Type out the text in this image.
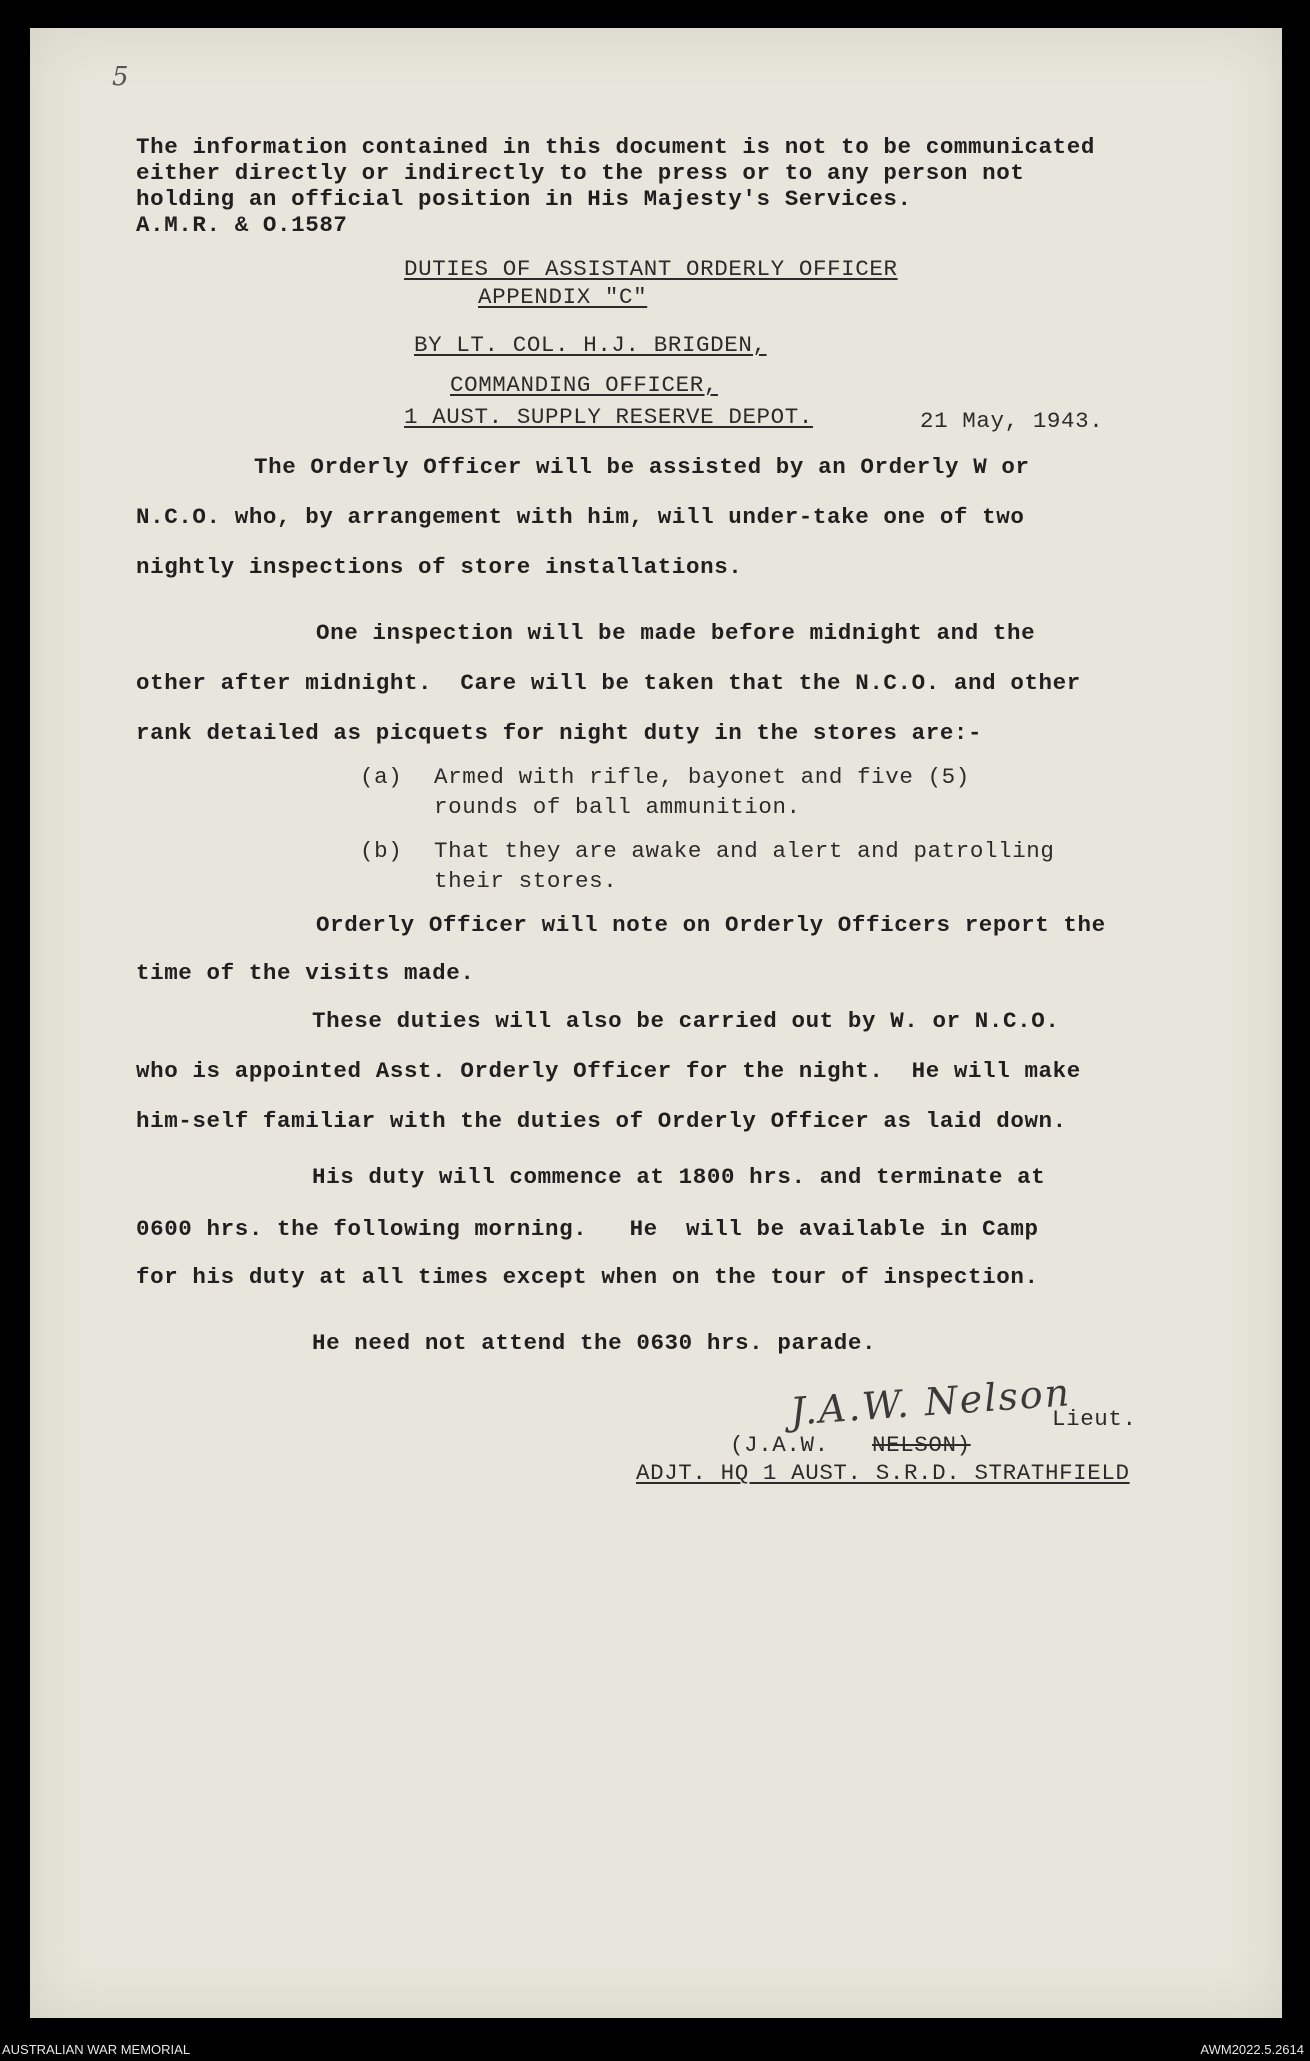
5
The information contained in this document is not to be communicated
either directly or indirectly to the press or to any person not
holding an official position in His Majesty's Services.
A.M.R. & O.1587
DUTIES OF ASSISTANT ORDERLY OFFICER
APPENDIX "C"
BY LT. COL. H.J. BRIGDEN,
COMMANDING OFFICER,
1 AUST. SUPPLY RESERVE DEPOT.	21 May, 1943.
The Orderly Officer will be assisted by an Orderly W or
N.C.O. who, by arrangement with him, will under-take one of two
nightly inspections of store installations.
One inspection will be made before midnight and the
other after midnight.  Care will be taken that the N.C.O. and other
rank detailed as picquets for night duty in the stores are:-
(a) Armed with rifle, bayonet and five (5)
rounds of ball ammunition.
(b) That they are awake and alert and patrolling
their stores.
Orderly Officer will note on Orderly Officers report the
time of the visits made.
These duties will also be carried out by W. or N.C.O.
who is appointed Asst. Orderly Officer for the night.  He will make
him-self familiar with the duties of Orderly Officer as laid down.
His duty will commence at 1800 hrs. and terminate at
0600 hrs. the following morning.   He  will be available in Camp
for his duty at all times except when on the tour of inspection.
He need not attend the 0630 hrs. parade.
J.A.W. Nelson
Lieut.
(J.A.W. NELSON)
ADJT. HQ 1 AUST. S.R.D. STRATHFIELD
AUSTRALIAN WAR MEMORIAL	AWM2022.5.2614
